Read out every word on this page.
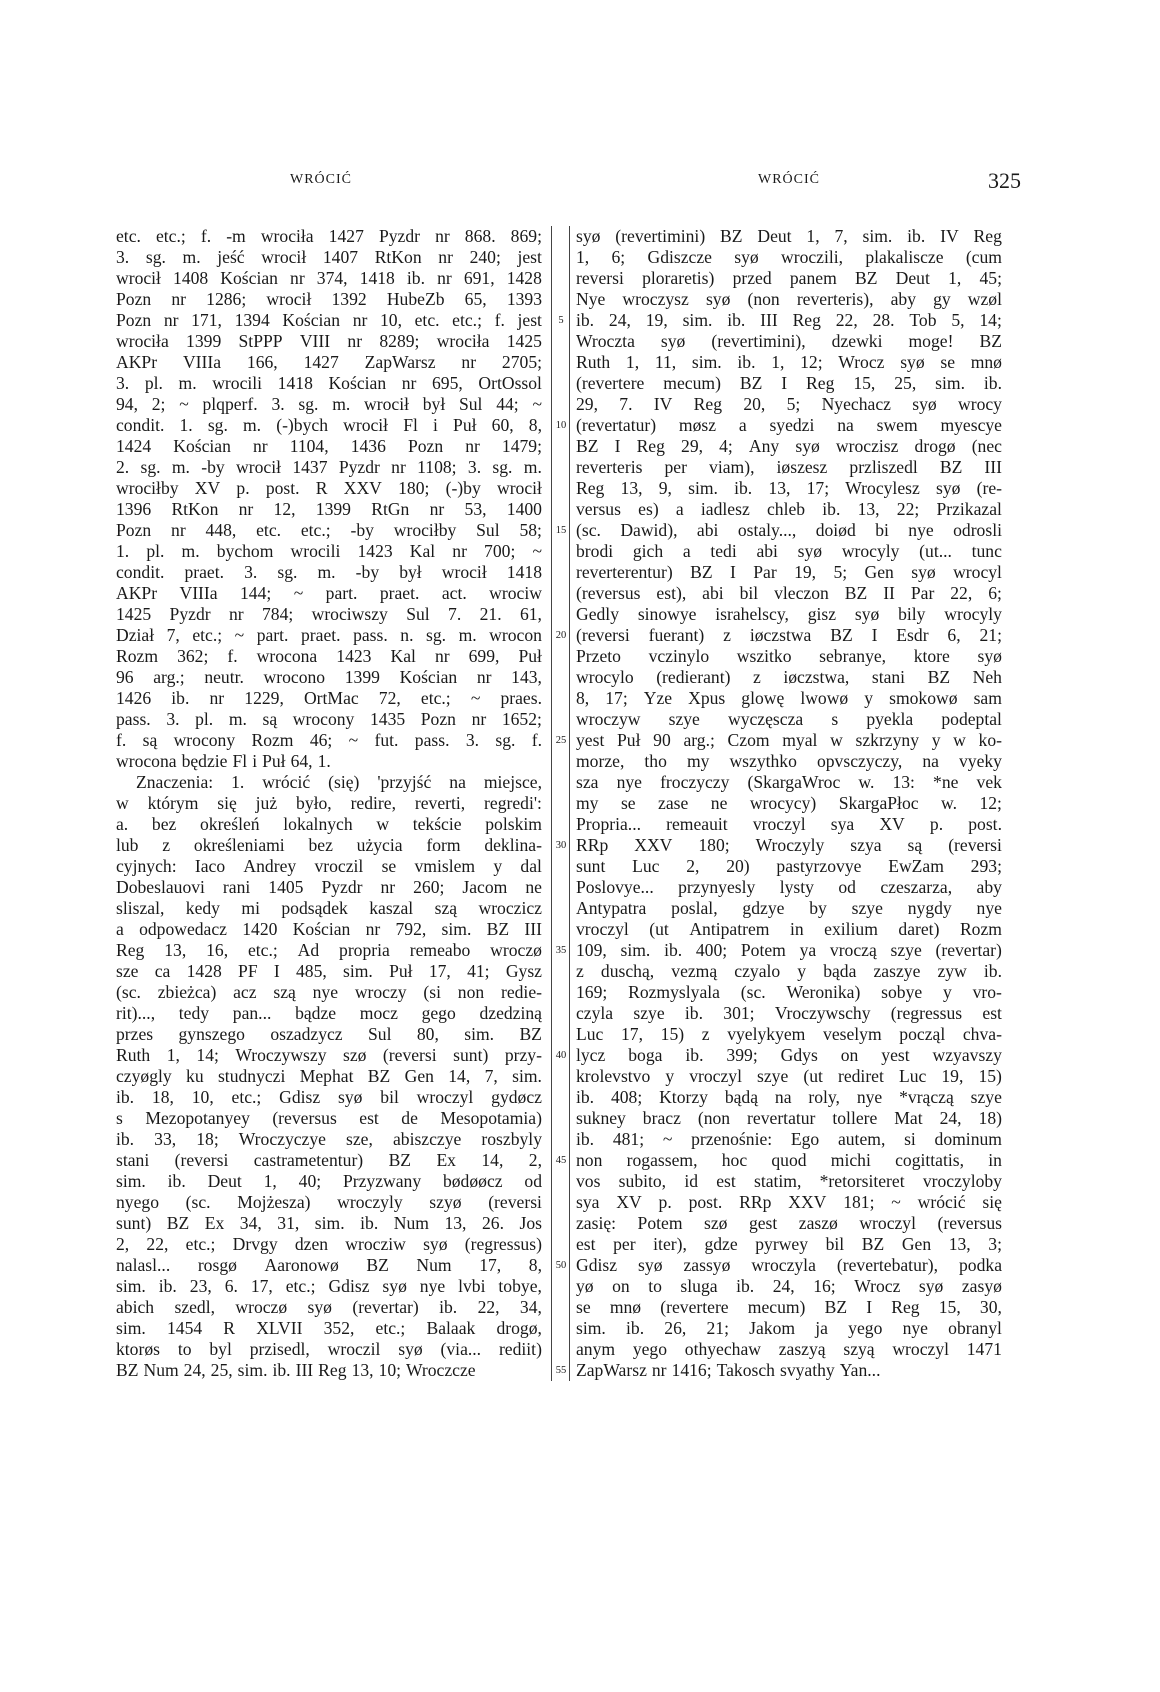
WRÓCIĆ	WRÓCIĆ	325
etc. etc.; f. -m wrociła 1427 Pyzdr nr 868. 869;
3. sg. m. jeść wrocił 1407 RtKon nr 240; jest
wrocił 1408 Kościan nr 374, 1418 ib. nr 691, 1428
Pozn nr 1286; wrocił 1392 HubeZb 65, 1393
Pozn nr 171, 1394 Kościan nr 10, etc. etc.; f. jest
wrociła 1399 StPPP VIII nr 8289; wrociła 1425
AKPr VIIIa 166, 1427 ZapWarsz nr 2705;
3. pl. m. wrocili 1418 Kościan nr 695, OrtOssol
94, 2; ~ plqperf. 3. sg. m. wrocił był Sul 44; ~
condit. 1. sg. m. (-)bych wrocił Fl i Puł 60, 8,
1424 Kościan nr 1104, 1436 Pozn nr 1479;
2. sg. m. -by wrocił 1437 Pyzdr nr 1108; 3. sg. m.
wrociłby XV p. post. R XXV 180; (-)by wrocił
1396 RtKon nr 12, 1399 RtGn nr 53, 1400
Pozn nr 448, etc. etc.; -by wrociłby Sul 58;
1. pl. m. bychom wrocili 1423 Kal nr 700; ~
condit. praet. 3. sg. m. -by był wrocił 1418
AKPr VIIIa 144; ~ part. praet. act. wrociw
1425 Pyzdr nr 784; wrociwszy Sul 7. 21. 61,
Dział 7, etc.; ~ part. praet. pass. n. sg. m. wrocon
Rozm 362; f. wrocona 1423 Kal nr 699, Puł
96 arg.; neutr. wrocono 1399 Kościan nr 143,
1426 ib. nr 1229, OrtMac 72, etc.; ~ praes.
pass. 3. pl. m. są wrocony 1435 Pozn nr 1652;
f. są wrocony Rozm 46; ~ fut. pass. 3. sg. f.
wrocona będzie Fl i Puł 64, 1.
Znaczenia: 1. wrócić (się) 'przyjść na miejsce,
w którym się już było, redire, reverti, regredi':
a. bez określeń lokalnych w tekście polskim
lub z określeniami bez użycia form deklina-
cyjnych: Iaco Andrey vroczil se vmislem y dal
Dobeslauovi rani 1405 Pyzdr nr 260; Jacom ne
sliszal, kedy mi podsądek kaszal szą wroczicz
a odpowedacz 1420 Kościan nr 792, sim. BZ III
Reg 13, 16, etc.; Ad propria remeabo wroczø
sze ca 1428 PF I 485, sim. Puł 17, 41; Gysz
(sc. zbieżca) acz szą nye wroczy (si non redie-
rit)..., tedy pan... bądze mocz gego dzedziną
przes gynszego oszadzycz Sul 80, sim. BZ
Ruth 1, 14; Wroczywszy szø (reversi sunt) przy-
czyøgly ku studnyczi Mephat BZ Gen 14, 7, sim.
ib. 18, 10, etc.; Gdisz syø bil wroczyl gydøcz
s Mezopotanyey (reversus est de Mesopotamia)
ib. 33, 18; Wroczyczye sze, abiszczye roszbyly
stani (reversi castrametentur) BZ Ex 14, 2,
sim. ib. Deut 1, 40; Przyzwany bødøøcz od
nyego (sc. Mojżesza) wroczyly szyø (reversi
sunt) BZ Ex 34, 31, sim. ib. Num 13, 26. Jos
2, 22, etc.; Drvgy dzen wrocziw syø (regressus)
nalasl... rosgø Aaronowø BZ Num 17, 8,
sim. ib. 23, 6. 17, etc.; Gdisz syø nye lvbi tobye,
abich szedl, wroczø syø (revertar) ib. 22, 34,
sim. 1454 R XLVII 352, etc.; Balaak drogø,
ktorøs to byl przisedl, wroczil syø (via... rediit)
BZ Num 24, 25, sim. ib. III Reg 13, 10; Wroczcze
5
10
15
20
25
30
35
40
45
50
55
syø (revertimini) BZ Deut 1, 7, sim. ib. IV Reg
1, 6; Gdiszcze syø wroczili, plakaliscze (cum
reversi ploraretis) przed panem BZ Deut 1, 45;
Nye wroczysz syø (non reverteris), aby gy wzøl
ib. 24, 19, sim. ib. III Reg 22, 28. Tob 5, 14;
Wroczta syø (revertimini), dzewki moge! BZ
Ruth 1, 11, sim. ib. 1, 12; Wrocz syø se mnø
(revertere mecum) BZ I Reg 15, 25, sim. ib.
29, 7. IV Reg 20, 5; Nyechacz syø wrocy
(revertatur) møsz a syedzi na swem myescye
BZ I Reg 29, 4; Any syø wroczisz drogø (nec
reverteris per viam), iøszesz przliszedl BZ III
Reg 13, 9, sim. ib. 13, 17; Wrocylesz syø (re-
versus es) a iadlesz chleb ib. 13, 22; Przikazal
(sc. Dawid), abi ostaly..., doiød bi nye odrosli
brodi gich a tedi abi syø wrocyly (ut... tunc
reverterentur) BZ I Par 19, 5; Gen syø wrocyl
(reversus est), abi bil vleczon BZ II Par 22, 6;
Gedly sinowye israhelscy, gisz syø bily wrocyly
(reversi fuerant) z iøczstwa BZ I Esdr 6, 21;
Przeto vczinylo wszitko sebranye, ktore syø
wrocylo (redierant) z iøczstwa, stani BZ Neh
8, 17; Yze Xpus glowę lwowø y smokowø sam
wroczyw szye wyczęscza s pyekla podeptal
yest Puł 90 arg.; Czom myal w szkrzyny y w ko-
morze, tho my wszythko opvsczyczy, na vyeky
sza nye froczyczy (SkargaWroc w. 13: *ne vek
my se zase ne wrocycy) SkargaPłoc w. 12;
Propria... remeauit vroczyl sya XV p. post.
RRp XXV 180; Wroczyly szya są (reversi
sunt Luc 2, 20) pastyrzovye EwZam 293;
Poslovye... przynyesly lysty od czeszarza, aby
Antypatra poslal, gdzye by szye nygdy nye
vroczyl (ut Antipatrem in exilium daret) Rozm
109, sim. ib. 400; Potem ya vroczą szye (revertar)
z duschą, vezmą czyalo y bąda zaszye zyw ib.
169; Rozmyslyala (sc. Weronika) sobye y vro-
czyla szye ib. 301; Vroczywschy (regressus est
Luc 17, 15) z vyelykyem veselym począl chva-
lycz boga ib. 399; Gdys on yest wzyavszy
krolevstvo y vroczyl szye (ut rediret Luc 19, 15)
ib. 408; Ktorzy bądą na roly, nye *vrączą szye
sukney bracz (non revertatur tollere Mat 24, 18)
ib. 481; ~ przenośnie: Ego autem, si dominum
non rogassem, hoc quod michi cogittatis, in
vos subito, id est statim, *retorsiteret vroczyloby
sya XV p. post. RRp XXV 181; ~ wrócić się
zasię: Potem szø gest zaszø wroczyl (reversus
est per iter), gdze pyrwey bil BZ Gen 13, 3;
Gdisz syø zassyø wroczyla (revertebatur), podka
yø on to sluga ib. 24, 16; Wrocz syø zasyø
se mnø (revertere mecum) BZ I Reg 15, 30,
sim. ib. 26, 21; Jakom ja yego nye obranyl
anym yego othyechaw zaszyą szyą wroczyl 1471
ZapWarsz nr 1416; Takosch svyathy Yan...
